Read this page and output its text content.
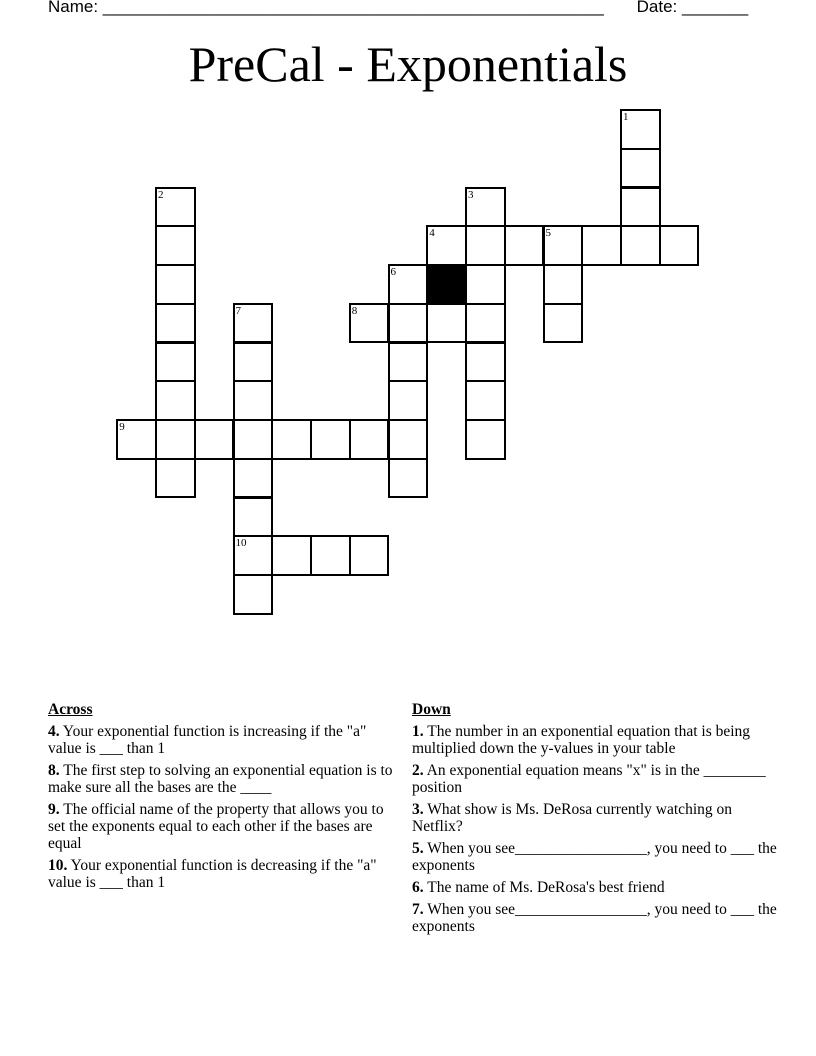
Name: _____________________________________________________ Date: _______
PreCal - Exponentials
1
2	3
4	5
6
7
10
8
9
Across
4. Your exponential function is increasing if the "a" value is ___ than 1
8. The first step to solving an exponential equation is to make sure all the bases are the ____
9. The official name of the property that allows you to set the exponents equal to each other if the bases are equal
10. Your exponential function is decreasing if the "a" value is ___ than 1
Down
1. The number in an exponential equation that is being multiplied down the y-values in your table
2. An exponential equation means "x" is in the ________ position
3. What show is Ms. DeRosa currently watching on Netflix?
5. When you see_________________, you need to ___ the exponents
6. The name of Ms. DeRosa's best friend
7. When you see_________________, you need to ___ the exponents
